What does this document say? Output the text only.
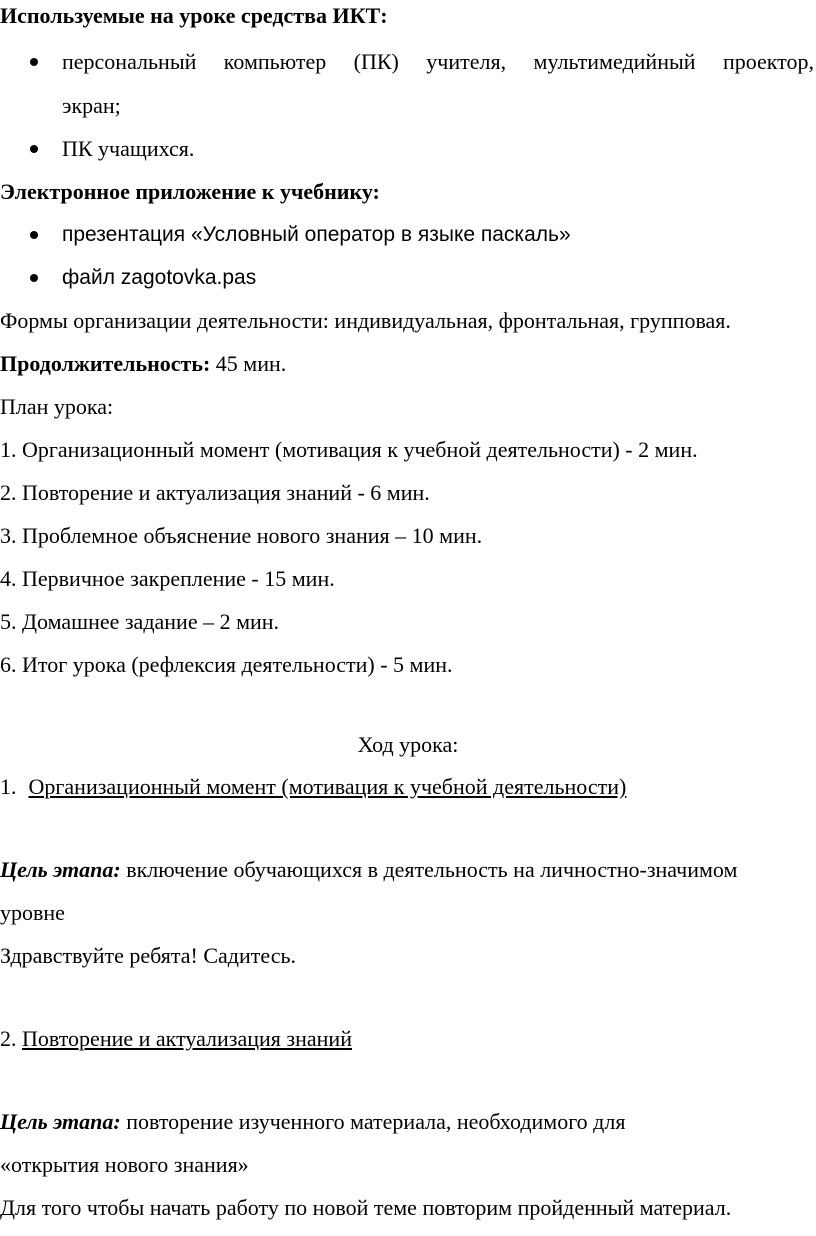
Используемые на уроке средства ИКТ:
персональный компьютер (ПК) учителя, мультимедийный проектор,
экран;
ПК учащихся.
Электронное приложение к учебнику:
презентация «Условный оператор в языке паскаль»
файл zagotovka.pas
Формы организации деятельности: индивидуальная, фронтальная, групповая.
Продолжительность: 45 мин.
План урока:
1. Организационный момент (мотивация к учебной деятельности) - 2 мин.
2. Повторение и актуализация знаний - 6 мин.
3. Проблемное объяснение нового знания – 10 мин.
4. Первичное закрепление - 15 мин.
5. Домашнее задание – 2 мин.
6. Итог урока (рефлексия деятельности) - 5 мин.
Ход урока:
1. Организационный момент (мотивация к учебной деятельности)
Цель этапа: включение обучающихся в деятельность на личностно-значимом
уровне
Здравствуйте ребята! Садитесь.
2. Повторение и актуализация знаний
Цель этапа: повторение изученного материала, необходимого для
«открытия нового знания»
Для того чтобы начать работу по новой теме повторим пройденный материал.
